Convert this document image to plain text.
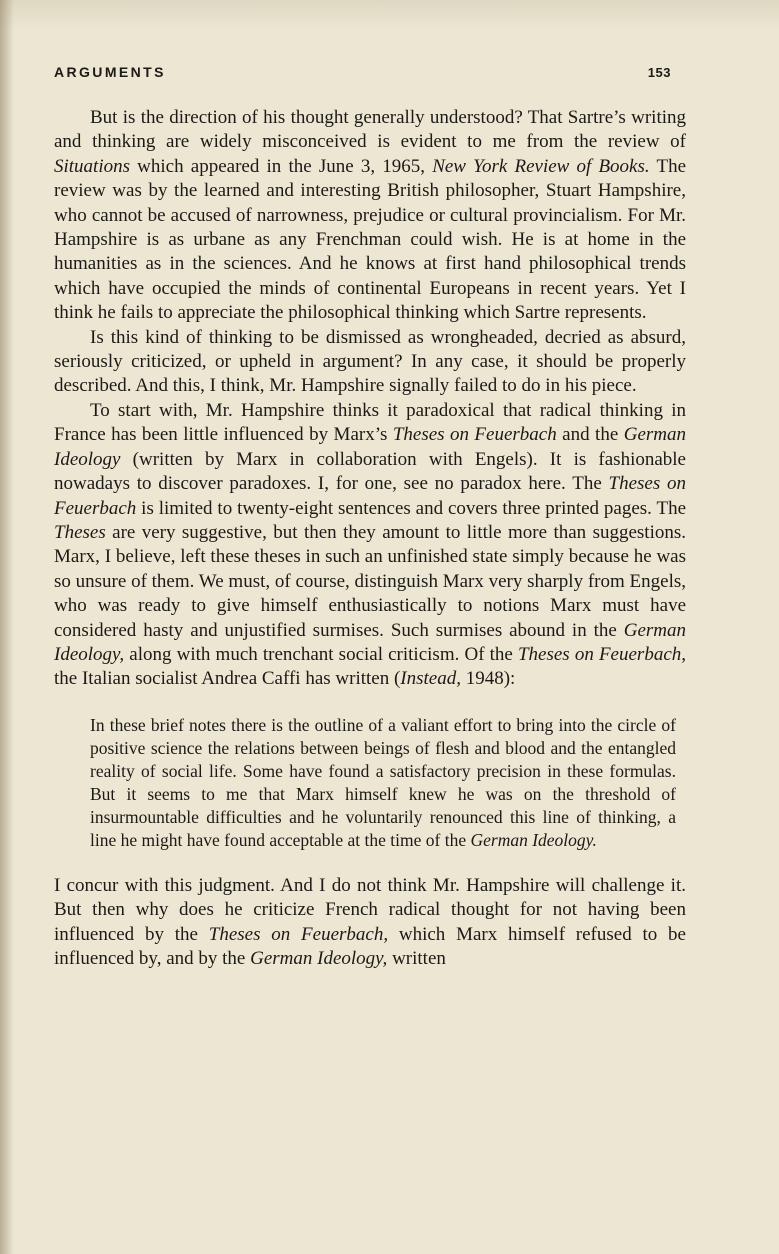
ARGUMENTS	153

But is the direction of his thought generally understood? That Sartre’s writing and thinking are widely misconceived is evident to me from the review of Situations which appeared in the June 3, 1965, New York Review of Books. The review was by the learned and interesting British philosopher, Stuart Hampshire, who cannot be accused of narrowness, prejudice or cultural provincialism. For Mr. Hampshire is as urbane as any Frenchman could wish. He is at home in the humanities as in the sciences. And he knows at first hand philosophical trends which have occupied the minds of continental Europeans in recent years. Yet I think he fails to appreciate the philosophical thinking which Sartre represents.

Is this kind of thinking to be dismissed as wrongheaded, decried as absurd, seriously criticized, or upheld in argument? In any case, it should be properly described. And this, I think, Mr. Hampshire signally failed to do in his piece.

To start with, Mr. Hampshire thinks it paradoxical that radical thinking in France has been little influenced by Marx’s Theses on Feuerbach and the German Ideology (written by Marx in collaboration with Engels). It is fashionable nowadays to discover paradoxes. I, for one, see no paradox here. The Theses on Feuerbach is limited to twenty-eight sentences and covers three printed pages. The Theses are very suggestive, but then they amount to little more than suggestions. Marx, I believe, left these theses in such an unfinished state simply because he was so unsure of them. We must, of course, distinguish Marx very sharply from Engels, who was ready to give himself enthusiastically to notions Marx must have considered hasty and unjustified surmises. Such surmises abound in the German Ideology, along with much trenchant social criticism. Of the Theses on Feuerbach, the Italian socialist Andrea Caffi has written (Instead, 1948):

In these brief notes there is the outline of a valiant effort to bring into the circle of positive science the relations between beings of flesh and blood and the entangled reality of social life. Some have found a satisfactory precision in these formulas. But it seems to me that Marx himself knew he was on the threshold of insurmountable difficulties and he voluntarily renounced this line of thinking, a line he might have found acceptable at the time of the German Ideology.

I concur with this judgment. And I do not think Mr. Hampshire will challenge it. But then why does he criticize French radical thought for not having been influenced by the Theses on Feuerbach, which Marx himself refused to be influenced by, and by the German Ideology, written
